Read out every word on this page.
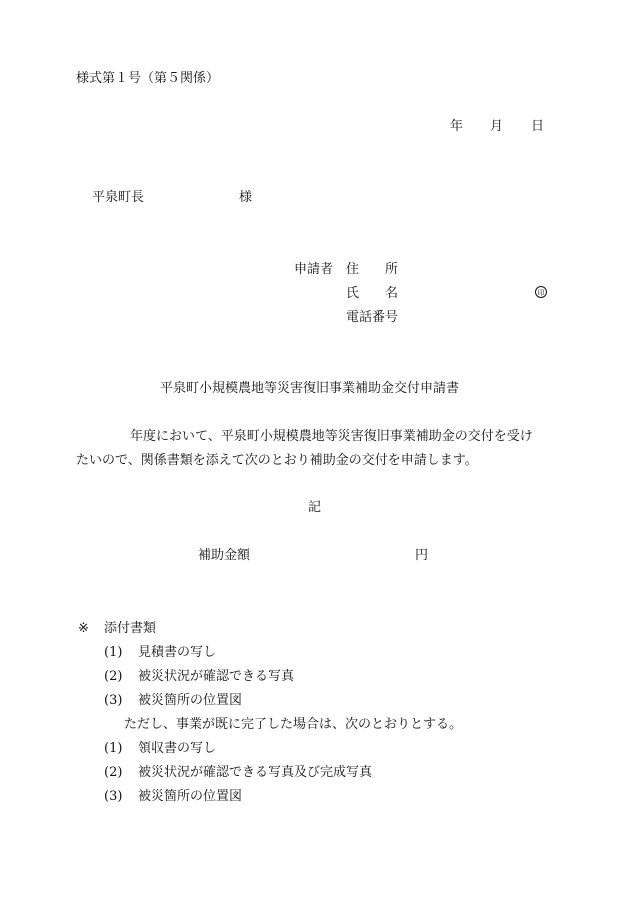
様式第１号（第５関係）
年 月 日
平泉町長	様
申請者 住　　所
氏　　名	印
電話番号
平泉町小規模農地等災害復旧事業補助金交付申請書
年度において、平泉町小規模農地等災害復旧事業補助金の交付を受け
たいので、関係書類を添えて次のとおり補助金の交付を申請します。
記
補助金額	円
※ 添付書類
(1) 見積書の写し
(2) 被災状況が確認できる写真
(3) 被災箇所の位置図
ただし、事業が既に完了した場合は、次のとおりとする。
(1) 領収書の写し
(2) 被災状況が確認できる写真及び完成写真
(3) 被災箇所の位置図
